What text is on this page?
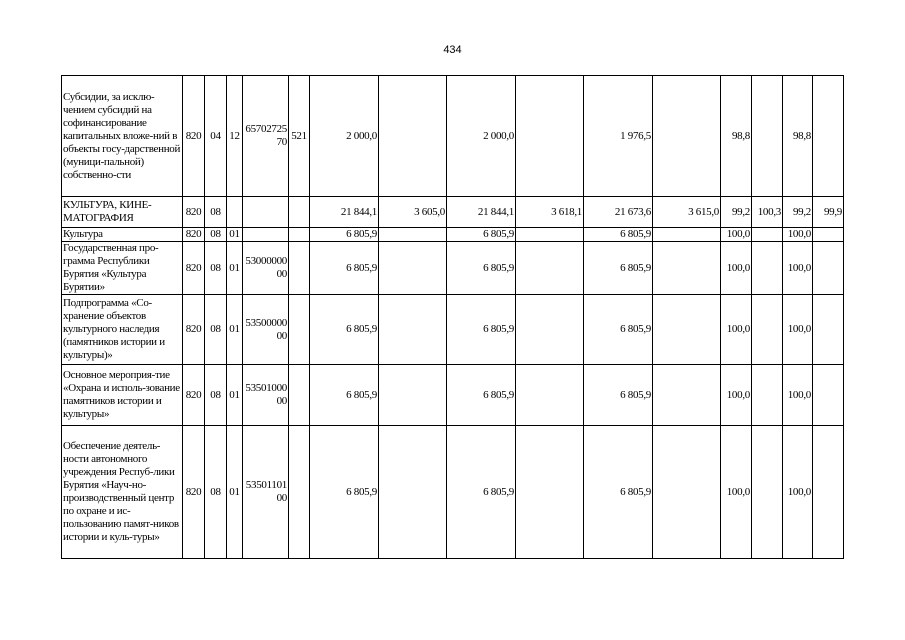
434
Субсидии, за исклю-чением субсидий на софинансирование капитальных вложе-ний в объекты госу-дарственной (муници-пальной) собственно-сти	820	04	12	6570272570	521	2 000,0		2 000,0		1 976,5		98,8		98,8	
КУЛЬТУРА, КИНЕ-МАТОГРАФИЯ	820	08				21 844,1	3 605,0	21 844,1	3 618,1	21 673,6	3 615,0	99,2	100,3	99,2	99,9
Культура	820	08	01			6 805,9		6 805,9		6 805,9		100,0		100,0	
Государственная про-грамма Республики Бурятия «Культура Бурятии»	820	08	01	5300000000		6 805,9		6 805,9		6 805,9		100,0		100,0	
Подпрограмма «Со-хранение объектов культурного наследия (памятников истории и культуры)»	820	08	01	5350000000		6 805,9		6 805,9		6 805,9		100,0		100,0	
Основное мероприя-тие «Охрана и исполь-зование памятников истории и культуры»	820	08	01	5350100000		6 805,9		6 805,9		6 805,9		100,0		100,0	
Обеспечение деятель-ности автономного учреждения Респуб-лики Бурятия «Науч-но-производственный центр по охране и ис-пользованию памят-ников истории и куль-туры»	820	08	01	5350110100		6 805,9		6 805,9		6 805,9		100,0		100,0	
